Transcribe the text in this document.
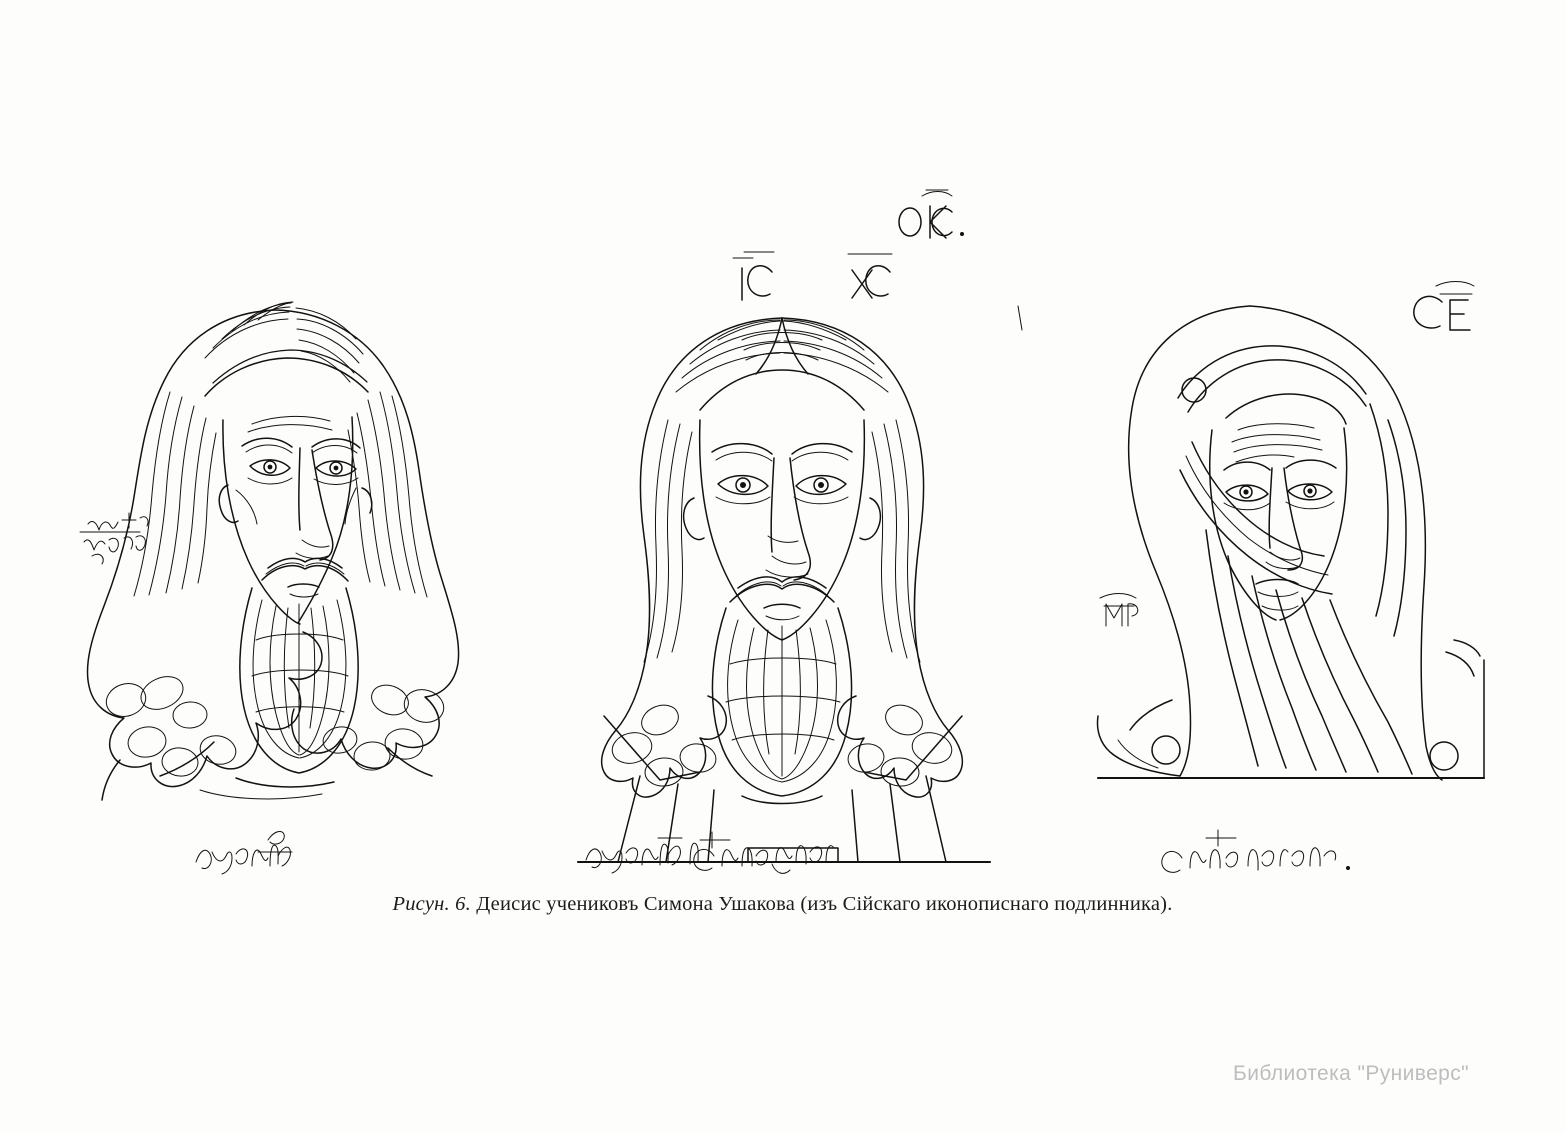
Рисун. 6. Деисис учениковъ Симона Ушакова (изъ Сійскаго иконописнаго подлинника).
Библиотека "Руниверс"
